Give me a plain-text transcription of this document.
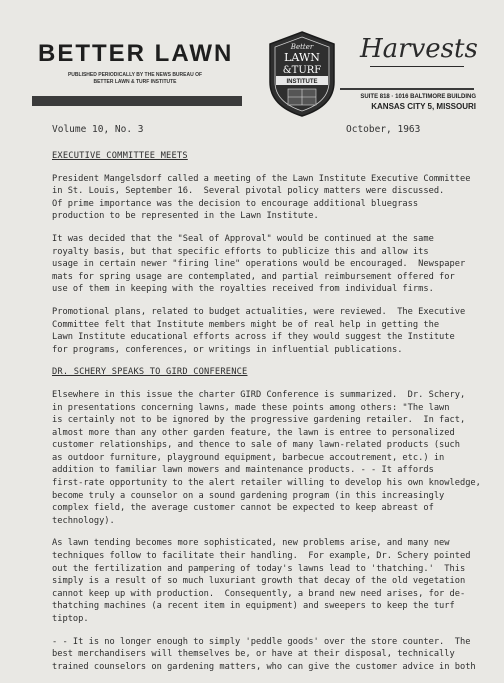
BETTER LAWN
PUBLISHED PERIODICALLY BY THE NEWS BUREAU OF
BETTER LAWN & TURF INSTITUTE
Better
LAWN
&TURF
INSTITUTE
Harvests
SUITE 818 · 1016 BALTIMORE BUILDING
KANSAS CITY 5, MISSOURI
Volume 10, No. 3	October, 1963
EXECUTIVE COMMITTEE MEETS

President Mangelsdorf called a meeting of the Lawn Institute Executive Committee
in St. Louis, September 16.  Several pivotal policy matters were discussed.
Of prime importance was the decision to encourage additional bluegrass
production to be represented in the Lawn Institute.

It was decided that the "Seal of Approval" would be continued at the same
royalty basis, but that specific efforts to publicize this and allow its
usage in certain newer "firing line" operations would be encouraged.  Newspaper
mats for spring usage are contemplated, and partial reimbursement offered for
use of them in keeping with the royalties received from individual firms.

Promotional plans, related to budget actualities, were reviewed.  The Executive
Committee felt that Institute members might be of real help in getting the
Lawn Institute educational efforts across if they would suggest the Institute
for programs, conferences, or writings in influential publications.

DR. SCHERY SPEAKS TO GIRD CONFERENCE

Elsewhere in this issue the charter GIRD Conference is summarized.  Dr. Schery,
in presentations concerning lawns, made these points among others: "The lawn
is certainly not to be ignored by the progressive gardening retailer.  In fact,
almost more than any other garden feature, the lawn is entree to personalized
customer relationships, and thence to sale of many lawn-related products (such
as outdoor furniture, playground equipment, barbecue accoutrement, etc.) in
addition to familiar lawn mowers and maintenance products. - - It affords
first-rate opportunity to the alert retailer willing to develop his own knowledge,
become truly a counselor on a sound gardening program (in this increasingly
complex field, the average customer cannot be expected to keep abreast of
technology).

As lawn tending becomes more sophisticated, new problems arise, and many new
techniques follow to facilitate their handling.  For example, Dr. Schery pointed
out the fertilization and pampering of today's lawns lead to 'thatching.'  This
simply is a result of so much luxuriant growth that decay of the old vegetation
cannot keep up with production.  Consequently, a brand new need arises, for de-
thatching machines (a recent item in equipment) and sweepers to keep the turf
tiptop.

- - It is no longer enough to simply 'peddle goods' over the store counter.  The
best merchandisers will themselves be, or have at their disposal, technically
trained counselors on gardening matters, who can give the customer advice in both
